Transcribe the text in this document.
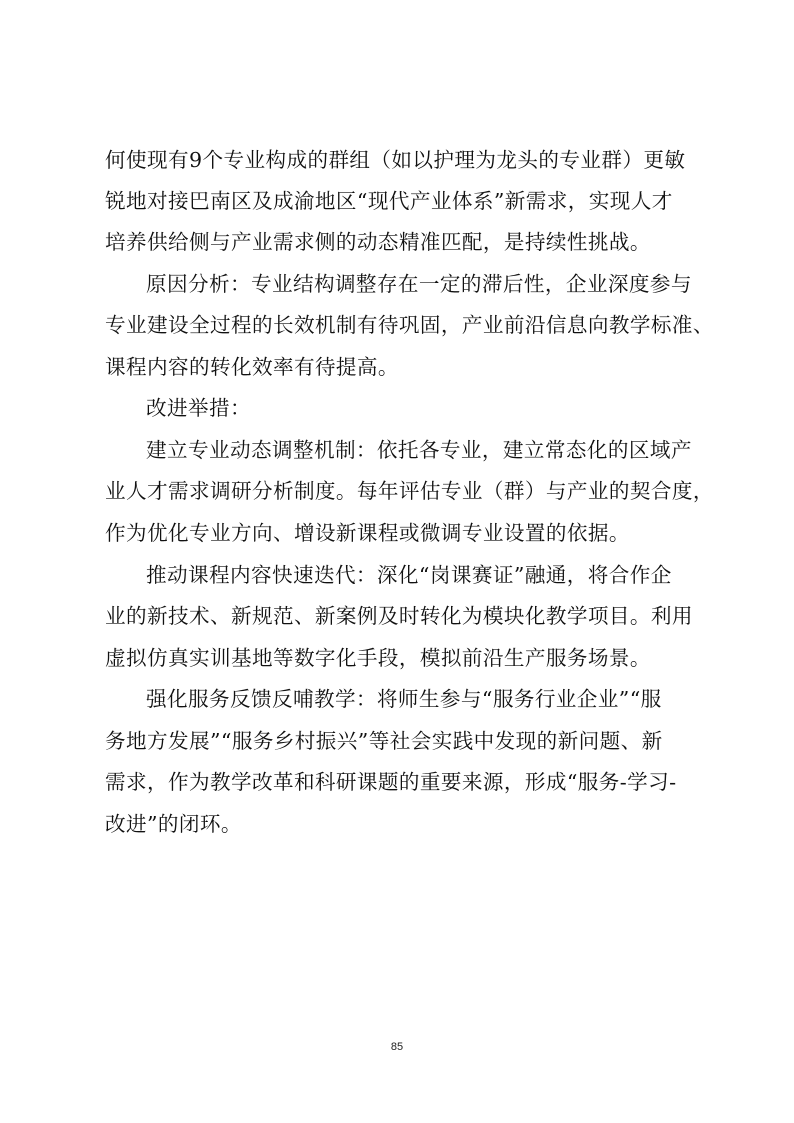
何使现有9个专业构成的群组（如以护理为龙头的专业群）更敏
锐地对接巴南区及成渝地区“现代产业体系”新需求，实现人才
培养供给侧与产业需求侧的动态精准匹配，是持续性挑战。
原因分析：专业结构调整存在一定的滞后性，企业深度参与
专业建设全过程的长效机制有待巩固，产业前沿信息向教学标准、
课程内容的转化效率有待提高。
改进举措：
建立专业动态调整机制：依托各专业，建立常态化的区域产
业人才需求调研分析制度。每年评估专业（群）与产业的契合度，
作为优化专业方向、增设新课程或微调专业设置的依据。
推动课程内容快速迭代：深化“岗课赛证”融通，将合作企
业的新技术、新规范、新案例及时转化为模块化教学项目。利用
虚拟仿真实训基地等数字化手段，模拟前沿生产服务场景。
强化服务反馈反哺教学：将师生参与“服务行业企业”“服
务地方发展”“服务乡村振兴”等社会实践中发现的新问题、新
需求，作为教学改革和科研课题的重要来源，形成“服务-学习-
改进”的闭环。
85
